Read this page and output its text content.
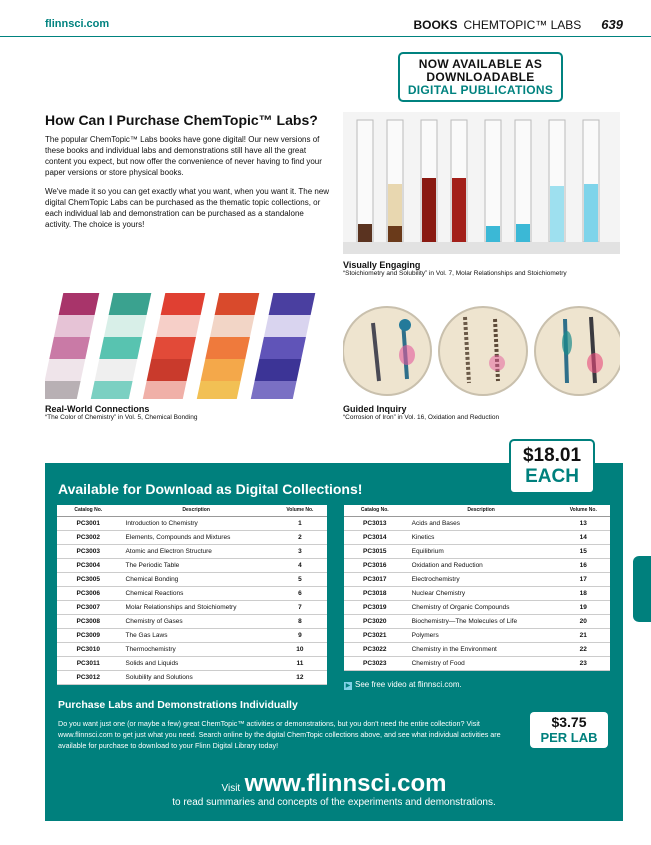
flinnsci.com	BOOKS CHEMTOPIC™ LABS 639
NOW AVAILABLE AS
DOWNLOADABLE
DIGITAL PUBLICATIONS
How Can I Purchase ChemTopic™ Labs?

The popular ChemTopic™ Labs books have gone digital! Our new versions of these books and individual labs and demonstrations still have all the great content you expect, but now offer the convenience of never having to find your paper versions or store physical books.

We've made it so you can get exactly what you want, when you want it. The new digital ChemTopic Labs can be purchased as the thematic topic collections, or each individual lab and demonstration can be purchased as a standalone activity. The choice is yours!

Visually Engaging
“Stoichiometry and Solubility” in Vol. 7, Molar Relationships and Stoichiometry
Real-World Connections
“The Color of Chemistry” in Vol. 5, Chemical Bonding
Guided Inquiry
“Corrosion of Iron” in Vol. 16, Oxidation and Reduction
$18.01
EACH
Available for Download as Digital Collections!
Catalog No.	Description	Volume No.
PC3001	Introduction to Chemistry	1
PC3002	Elements, Compounds and Mixtures	2
PC3003	Atomic and Electron Structure	3
PC3004	The Periodic Table	4
PC3005	Chemical Bonding	5
PC3006	Chemical Reactions	6
PC3007	Molar Relationships and Stoichiometry	7
PC3008	Chemistry of Gases	8
PC3009	The Gas Laws	9
PC3010	Thermochemistry	10
PC3011	Solids and Liquids	11
PC3012	Solubility and Solutions	12
Catalog No.	Description	Volume No.
PC3013	Acids and Bases	13
PC3014	Kinetics	14
PC3015	Equilibrium	15
PC3016	Oxidation and Reduction	16
PC3017	Electrochemistry	17
PC3018	Nuclear Chemistry	18
PC3019	Chemistry of Organic Compounds	19
PC3020	Biochemistry—The Molecules of Life	20
PC3021	Polymers	21
PC3022	Chemistry in the Environment	22
PC3023	Chemistry of Food	23
▶ See free video at flinnsci.com.
Purchase Labs and Demonstrations Individually
Do you want just one (or maybe a few) great ChemTopic™ activities or demonstrations, but you don't need the entire collection? Visit www.flinnsci.com to get just what you need. Search online by the digital ChemTopic collections above, and see what individual activities are available for purchase to download to your Flinn Digital Library today!
$3.75
PER LAB
Visit www.flinnsci.com
to read summaries and concepts of the experiments and demonstrations.
